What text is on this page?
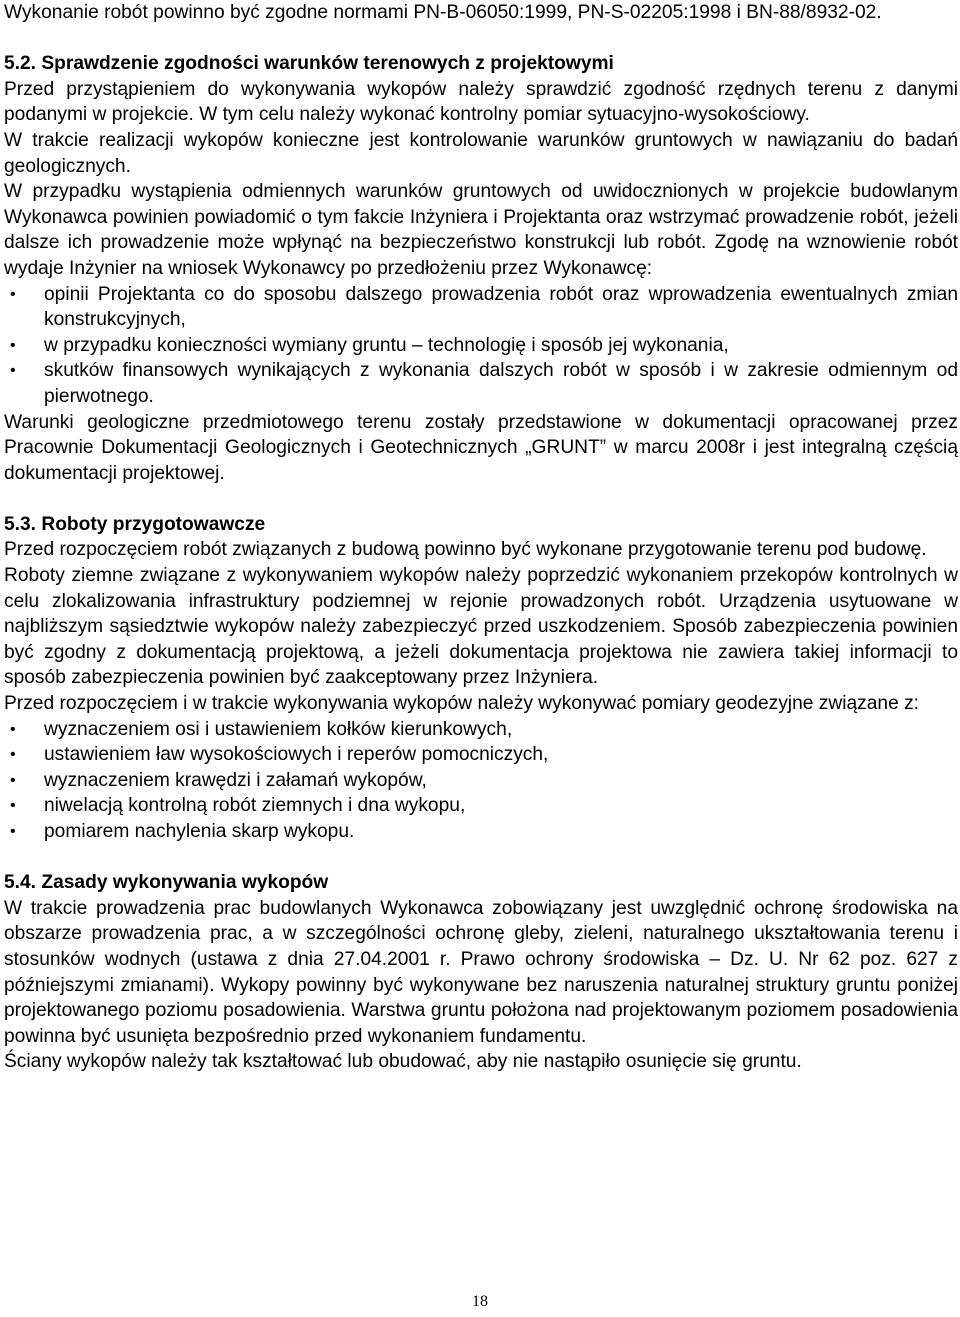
Wykonanie robót powinno być zgodne normami PN-B-06050:1999, PN-S-02205:1998 i BN-88/8932-02.

5.2. Sprawdzenie zgodności warunków terenowych z projektowymi

Przed przystąpieniem do wykonywania wykopów należy sprawdzić zgodność rzędnych terenu z danymi podanymi w projekcie. W tym celu należy wykonać kontrolny pomiar sytuacyjno-wysokościowy.

W trakcie realizacji wykopów konieczne jest kontrolowanie warunków gruntowych w nawiązaniu do badań geologicznych.

W przypadku wystąpienia odmiennych warunków gruntowych od uwidocznionych w projekcie budowlanym Wykonawca powinien powiadomić o tym fakcie Inżyniera i Projektanta oraz wstrzymać prowadzenie robót, jeżeli dalsze ich prowadzenie może wpłynąć na bezpieczeństwo konstrukcji lub robót. Zgodę na wznowienie robót wydaje Inżynier na wniosek Wykonawcy po przedłożeniu przez Wykonawcę:

• opinii Projektanta co do sposobu dalszego prowadzenia robót oraz wprowadzenia ewentualnych zmian konstrukcyjnych,
• w przypadku konieczności wymiany gruntu – technologię i sposób jej wykonania,
• skutków finansowych wynikających z wykonania dalszych robót w sposób i w zakresie odmiennym od pierwotnego.

Warunki geologiczne przedmiotowego terenu zostały przedstawione w dokumentacji opracowanej przez Pracownie Dokumentacji Geologicznych i Geotechnicznych „GRUNT” w marcu 2008r i jest integralną częścią dokumentacji projektowej.

5.3. Roboty przygotowawcze

Przed rozpoczęciem robót związanych z budową powinno być wykonane przygotowanie terenu pod budowę.

Roboty ziemne związane z wykonywaniem wykopów należy poprzedzić wykonaniem przekopów kontrolnych w celu zlokalizowania infrastruktury podziemnej w rejonie prowadzonych robót. Urządzenia usytuowane w najbliższym sąsiedztwie wykopów należy zabezpieczyć przed uszkodzeniem. Sposób zabezpieczenia powinien być zgodny z dokumentacją projektową, a jeżeli dokumentacja projektowa nie zawiera takiej informacji to sposób zabezpieczenia powinien być zaakceptowany przez Inżyniera.

Przed rozpoczęciem i w trakcie wykonywania wykopów należy wykonywać pomiary geodezyjne związane z:

• wyznaczeniem osi i ustawieniem kołków kierunkowych,
• ustawieniem ław wysokościowych i reperów pomocniczych,
• wyznaczeniem krawędzi i załamań wykopów,
• niwelacją kontrolną robót ziemnych i dna wykopu,
• pomiarem nachylenia skarp wykopu.
5.4. Zasady wykonywania wykopów

W trakcie prowadzenia prac budowlanych Wykonawca zobowiązany jest uwzględnić ochronę środowiska na obszarze prowadzenia prac, a w szczególności ochronę gleby, zieleni, naturalnego ukształtowania terenu i stosunków wodnych (ustawa z dnia 27.04.2001 r. Prawo ochrony środowiska – Dz. U. Nr 62 poz. 627 z późniejszymi zmianami). Wykopy powinny być wykonywane bez naruszenia naturalnej struktury gruntu poniżej projektowanego poziomu posadowienia. Warstwa gruntu położona nad projektowanym poziomem posadowienia powinna być usunięta bezpośrednio przed wykonaniem fundamentu.

Ściany wykopów należy tak kształtować lub obudować, aby nie nastąpiło osunięcie się gruntu.

18
